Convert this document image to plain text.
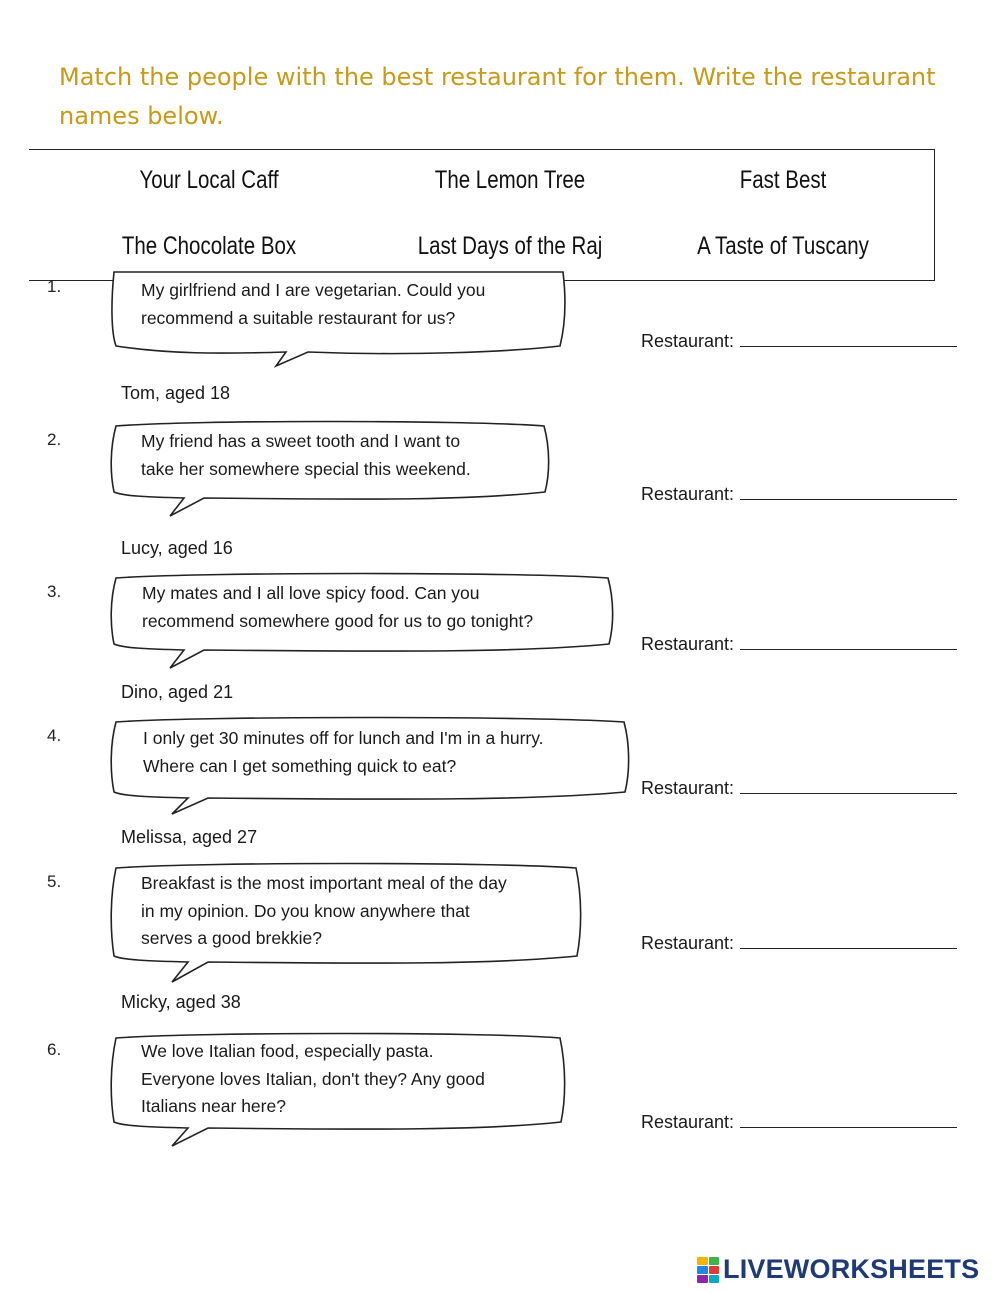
Match the people with the best restaurant for them. Write the restaurant names below.
Your Local Caff	The Lemon Tree	Fast Best
The Chocolate Box	Last Days of the Raj	A Taste of Tuscany
1.	My girlfriend and I are vegetarian. Could you
recommend a suitable restaurant for us?
Tom, aged 18
Restaurant:
2.	My friend has a sweet tooth and I want to
take her somewhere special this weekend.
Lucy, aged 16
Restaurant:
3.	My mates and I all love spicy food. Can you
recommend somewhere good for us to go tonight?
Dino, aged 21
Restaurant:
4.	I only get 30 minutes off for lunch and I'm in a hurry.
Where can I get something quick to eat?
Melissa, aged 27
Restaurant:
5.	Breakfast is the most important meal of the day
in my opinion. Do you know anywhere that
serves a good brekkie?
Micky, aged 38
Restaurant:
6.	We love Italian food, especially pasta.
Everyone loves Italian, don't they? Any good
Italians near here?
Restaurant:
LIVEWORKSHEETS
